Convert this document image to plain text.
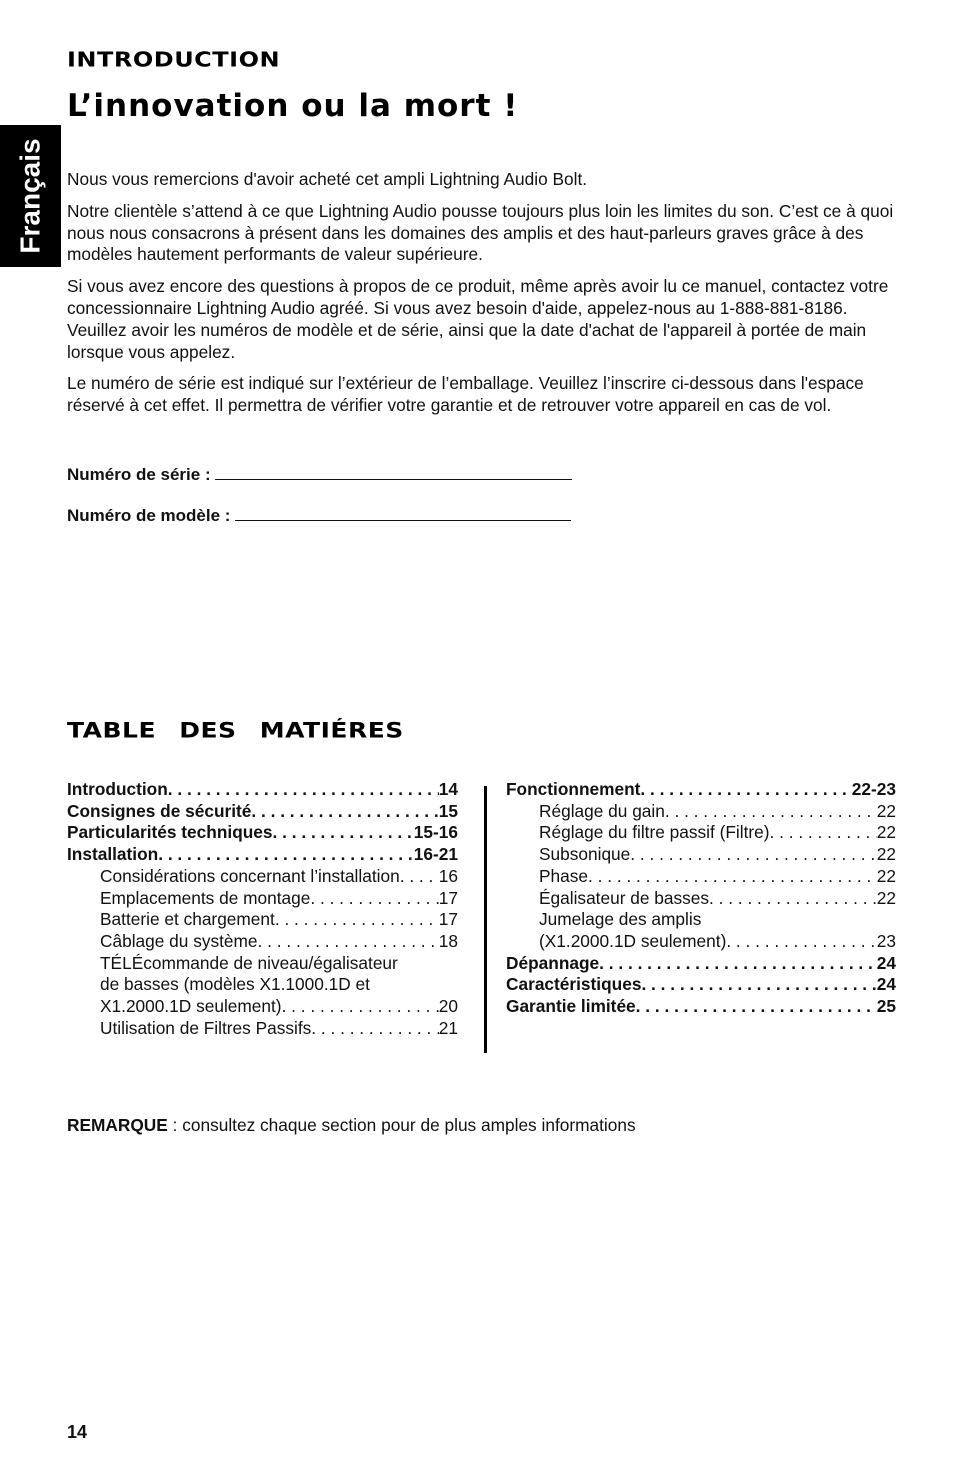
Français
INTRODUCTION
L’innovation ou la mort !

Nous vous remercions d'avoir acheté cet ampli Lightning Audio Bolt.

Notre clientèle s’attend à ce que Lightning Audio pousse toujours plus loin les limites du son. C’est ce à quoi nous nous consacrons à présent dans les domaines des amplis et des haut-parleurs graves grâce à des modèles hautement performants de valeur supérieure.

Si vous avez encore des questions à propos de ce produit, même après avoir lu ce manuel, contactez votre concessionnaire Lightning Audio agréé. Si vous avez besoin d'aide, appelez-nous au 1-888-881-8186. Veuillez avoir les numéros de modèle et de série, ainsi que la date d'achat de l'appareil à portée de main lorsque vous appelez.

Le numéro de série est indiqué sur l’extérieur de l’emballage. Veuillez l’inscrire ci-dessous dans l'espace réservé à cet effet. Il permettra de vérifier votre garantie et de retrouver votre appareil en cas de vol.

Numéro de série :
Numéro de modèle :
TABLE DES MATIÉRES
Introduction . . .	14
Consignes de sécurité . . .	15
Particularités techniques . . .	15-16
Installation . . .	16-21
Considérations concernant l’installation . . . 16
Emplacements de montage . . .	17
Batterie et chargement . . .	17
Câblage du système . . .	18
TÉLÉcommande de niveau/égalisateur
de basses (modèles X1.1000.1D et
X1.2000.1D seulement) . . .	20
Utilisation de Filtres Passifs . . .	21
Fonctionnement . . .	22-23
Réglage du gain . . .	22
Réglage du filtre passif (Filtre) . . .	22
Subsonique . . .	22
Phase . . .	22
Égalisateur de basses . . .	22
Jumelage des amplis
(X1.2000.1D seulement) . . .	23
Dépannage . . .	24
Caractéristiques . . .	24
Garantie limitée . . .	25
REMARQUE : consultez chaque section pour de plus amples informations
14
